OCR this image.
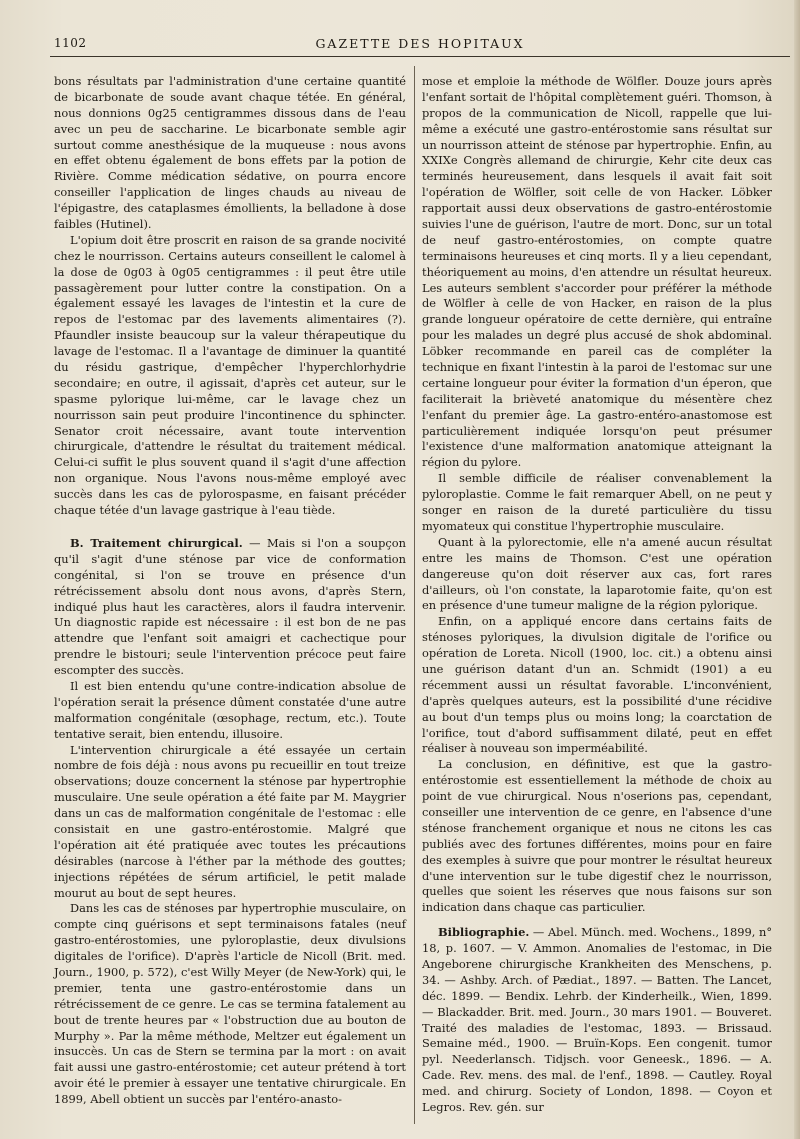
1102	GAZETTE DES HOPITAUX

bons résultats par l'administration d'une certaine quantité de bicarbonate de soude avant chaque tétée. En général, nous donnions 0g25 centigrammes dissous dans de l'eau avec un peu de saccharine. Le bicarbonate semble agir surtout comme anesthésique de la muqueuse : nous avons en effet obtenu également de bons effets par la potion de Rivière. Comme médication sédative, on pourra encore conseiller l'application de linges chauds au niveau de l'épigastre, des cataplasmes émollients, la belladone à dose faibles (Hutinel).

L'opium doit être proscrit en raison de sa grande nocivité chez le nourrisson. Certains auteurs conseillent le calomel à la dose de 0g03 à 0g05 centigrammes : il peut être utile passagèrement pour lutter contre la constipation. On a également essayé les lavages de l'intestin et la cure de repos de l'estomac par des lavements alimentaires (?). Pfaundler insiste beaucoup sur la valeur thérapeutique du lavage de l'estomac. Il a l'avantage de diminuer la quantité du résidu gastrique, d'empêcher l'hyperchlorhydrie secondaire; en outre, il agissait, d'après cet auteur, sur le spasme pylorique lui-même, car le lavage chez un nourrisson sain peut produire l'incontinence du sphincter. Senator croit nécessaire, avant toute intervention chirurgicale, d'attendre le résultat du traitement médical. Celui-ci suffit le plus souvent quand il s'agit d'une affection non organique. Nous l'avons nous-même employé avec succès dans les cas de pylorospasme, en faisant précéder chaque tétée d'un lavage gastrique à l'eau tiède.

B. Traitement chirurgical. — Mais si l'on a soupçon qu'il s'agit d'une sténose par vice de conformation congénital, si l'on se trouve en présence d'un rétrécissement absolu dont nous avons, d'après Stern, indiqué plus haut les caractères, alors il faudra intervenir. Un diagnostic rapide est nécessaire : il est bon de ne pas attendre que l'enfant soit amaigri et cachectique pour prendre le bistouri; seule l'intervention précoce peut faire escompter des succès.

Il est bien entendu qu'une contre-indication absolue de l'opération serait la présence dûment constatée d'une autre malformation congénitale (œsophage, rectum, etc.). Toute tentative serait, bien entendu, illusoire.

L'intervention chirurgicale a été essayée un certain nombre de fois déjà : nous avons pu recueillir en tout treize observations; douze concernent la sténose par hypertrophie musculaire. Une seule opération a été faite par M. Maygrier dans un cas de malformation congénitale de l'estomac : elle consistait en une gastro-entérostomie. Malgré que l'opération ait été pratiquée avec toutes les précautions désirables (narcose à l'éther par la méthode des gouttes; injections répétées de sérum artificiel, le petit malade mourut au bout de sept heures.

Dans les cas de sténoses par hypertrophie musculaire, on compte cinq guérisons et sept terminaisons fatales (neuf gastro-entérostomies, une pyloroplastie, deux divulsions digitales de l'orifice). D'après l'article de Nicoll (Brit. med. Journ., 1900, p. 572), c'est Willy Meyer (de New-York) qui, le premier, tenta une gastro-entérostomie dans un rétrécissement de ce genre. Le cas se termina fatalement au bout de trente heures par « l'obstruction due au bouton de Murphy ». Par la même méthode, Meltzer eut également un insuccès. Un cas de Stern se termina par la mort : on avait fait aussi une gastro-entérostomie; cet auteur prétend à tort avoir été le premier à essayer une tentative chirurgicale. En 1899, Abell obtient un succès par l'entéro-anasto-

mose et emploie la méthode de Wölfler. Douze jours après l'enfant sortait de l'hôpital complètement guéri. Thomson, à propos de la communication de Nicoll, rappelle que lui-même a exécuté une gastro-entérostomie sans résultat sur un nourrisson atteint de sténose par hypertrophie. Enfin, au XXIXe Congrès allemand de chirurgie, Kehr cite deux cas terminés heureusement, dans lesquels il avait fait soit l'opération de Wölfler, soit celle de von Hacker. Löbker rapportait aussi deux observations de gastro-entérostomie suivies l'une de guérison, l'autre de mort. Donc, sur un total de neuf gastro-entérostomies, on compte quatre terminaisons heureuses et cinq morts. Il y a lieu cependant, théoriquement au moins, d'en attendre un résultat heureux. Les auteurs semblent s'accorder pour préférer la méthode de Wölfler à celle de von Hacker, en raison de la plus grande longueur opératoire de cette dernière, qui entraîne pour les malades un degré plus accusé de shok abdominal. Löbker recommande en pareil cas de compléter la technique en fixant l'intestin à la paroi de l'estomac sur une certaine longueur pour éviter la formation d'un éperon, que faciliterait la brièveté anatomique du mésentère chez l'enfant du premier âge. La gastro-entéro-anastomose est particulièrement indiquée lorsqu'on peut présumer l'existence d'une malformation anatomique atteignant la région du pylore.

Il semble difficile de réaliser convenablement la pyloroplastie. Comme le fait remarquer Abell, on ne peut y songer en raison de la dureté particulière du tissu myomateux qui constitue l'hypertrophie musculaire.

Quant à la pylorectomie, elle n'a amené aucun résultat entre les mains de Thomson. C'est une opération dangereuse qu'on doit réserver aux cas, fort rares d'ailleurs, où l'on constate, la laparotomie faite, qu'on est en présence d'une tumeur maligne de la région pylorique.

Enfin, on a appliqué encore dans certains faits de sténoses pyloriques, la divulsion digitale de l'orifice ou opération de Loreta. Nicoll (1900, loc. cit.) a obtenu ainsi une guérison datant d'un an. Schmidt (1901) a eu récemment aussi un résultat favorable. L'inconvénient, d'après quelques auteurs, est la possibilité d'une récidive au bout d'un temps plus ou moins long; la coarctation de l'orifice, tout d'abord suffisamment dilaté, peut en effet réaliser à nouveau son imperméabilité.

La conclusion, en définitive, est que la gastro-entérostomie est essentiellement la méthode de choix au point de vue chirurgical. Nous n'oserions pas, cependant, conseiller une intervention de ce genre, en l'absence d'une sténose franchement organique et nous ne citons les cas publiés avec des fortunes différentes, moins pour en faire des exemples à suivre que pour montrer le résultat heureux d'une intervention sur le tube digestif chez le nourrisson, quelles que soient les réserves que nous faisons sur son indication dans chaque cas particulier.

Bibliographie. — Abel. Münch. med. Wochens., 1899, n° 18, p. 1607. — V. Ammon. Anomalies de l'estomac, in Die Angeborene chirurgische Krankheiten des Menschens, p. 34. — Ashby. Arch. of Pædiat., 1897. — Batten. The Lancet, déc. 1899. — Bendix. Lehrb. der Kinderheilk., Wien, 1899. — Blackadder. Brit. med. Journ., 30 mars 1901. — Bouveret. Traité des maladies de l'estomac, 1893. — Brissaud. Semaine méd., 1900. — Bruïn-Kops. Een congenit. tumor pyl. Neederlansch. Tidjsch. voor Geneesk., 1896. — A. Cade. Rev. mens. des mal. de l'enf., 1898. — Cautley. Royal med. and chirurg. Society of London, 1898. — Coyon et Legros. Rev. gén. sur
